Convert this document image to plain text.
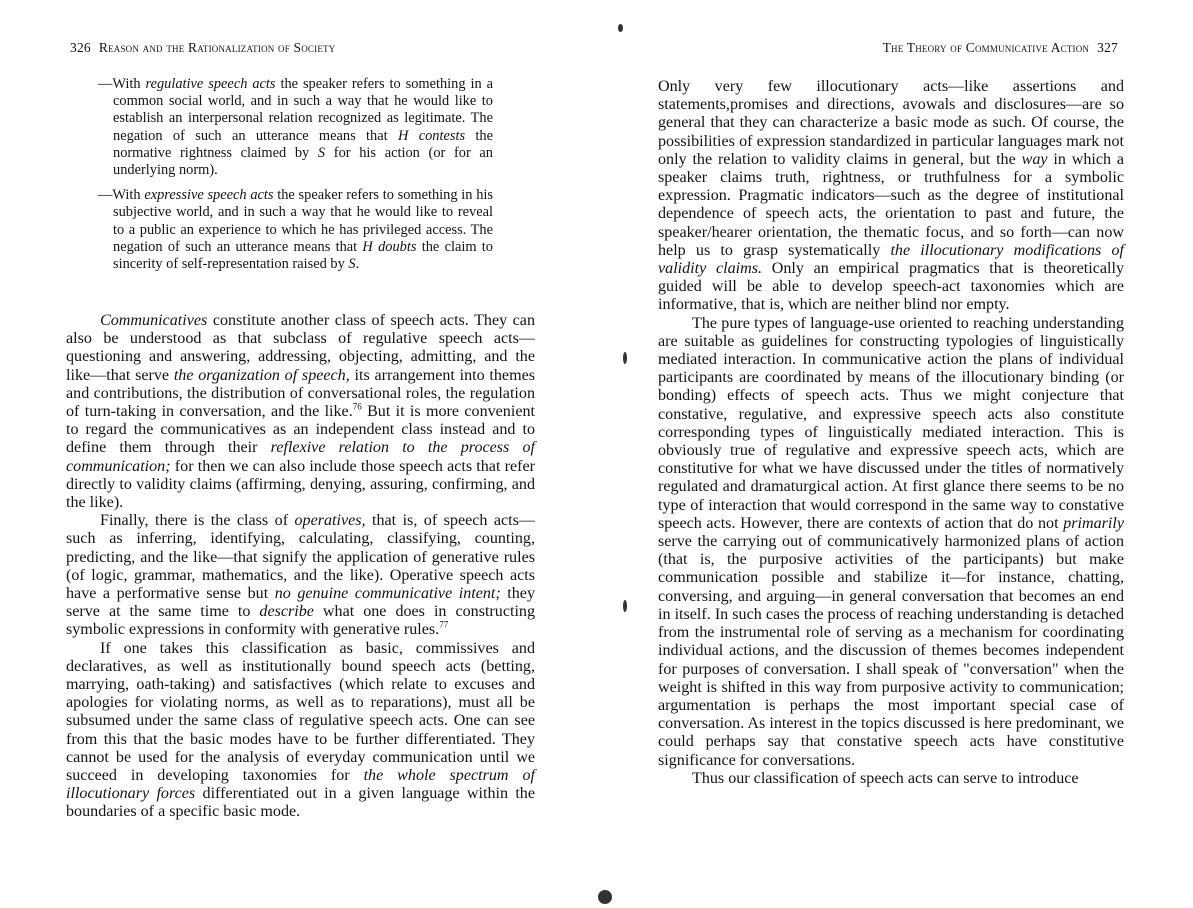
326 Reason and the Rationalization of Society
—With regulative speech acts the speaker refers to something in a common social world, and in such a way that he would like to establish an interpersonal relation recognized as legitimate. The negation of such an utterance means that H contests the normative rightness claimed by S for his action (or for an underlying norm).
—With expressive speech acts the speaker refers to something in his subjective world, and in such a way that he would like to reveal to a public an experience to which he has privileged access. The negation of such an utterance means that H doubts the claim to sincerity of self-representation raised by S.

Communicatives constitute another class of speech acts. They can also be understood as that subclass of regulative speech acts—questioning and answering, addressing, objecting, admitting, and the like—that serve the organization of speech, its arrangement into themes and contributions, the distribution of conversational roles, the regulation of turn-taking in conversation, and the like.$^{76}$ But it is more convenient to regard the communicatives as an independent class instead and to define them through their reflexive relation to the process of communication; for then we can also include those speech acts that refer directly to validity claims (affirming, denying, assuring, confirming, and the like).

Finally, there is the class of operatives, that is, of speech acts—such as inferring, identifying, calculating, classifying, counting, predicting, and the like—that signify the application of generative rules (of logic, grammar, mathematics, and the like). Operative speech acts have a performative sense but no genuine communicative intent; they serve at the same time to describe what one does in constructing symbolic expressions in conformity with generative rules.$^{77}$

If one takes this classification as basic, commissives and declaratives, as well as institutionally bound speech acts (betting, marrying, oath-taking) and satisfactives (which relate to excuses and apologies for violating norms, as well as to reparations), must all be subsumed under the same class of regulative speech acts. One can see from this that the basic modes have to be further differentiated. They cannot be used for the analysis of everyday communication until we succeed in developing taxonomies for the whole spectrum of illocutionary forces differentiated out in a given language within the boundaries of a specific basic mode.

The Theory of Communicative Action 327

Only very few illocutionary acts—like assertions and statements,promises and directions, avowals and disclosures—are so general that they can characterize a basic mode as such. Of course, the possibilities of expression standardized in particular languages mark not only the relation to validity claims in general, but the way in which a speaker claims truth, rightness, or truthfulness for a symbolic expression. Pragmatic indicators—such as the degree of institutional dependence of speech acts, the orientation to past and future, the speaker/hearer orientation, the thematic focus, and so forth—can now help us to grasp systematically the illocutionary modifications of validity claims. Only an empirical pragmatics that is theoretically guided will be able to develop speech-act taxonomies which are informative, that is, which are neither blind nor empty.

The pure types of language-use oriented to reaching understanding are suitable as guidelines for constructing typologies of linguistically mediated interaction. In communicative action the plans of individual participants are coordinated by means of the illocutionary binding (or bonding) effects of speech acts. Thus we might conjecture that constative, regulative, and expressive speech acts also constitute corresponding types of linguistically mediated interaction. This is obviously true of regulative and expressive speech acts, which are constitutive for what we have discussed under the titles of normatively regulated and dramaturgical action. At first glance there seems to be no type of interaction that would correspond in the same way to constative speech acts. However, there are contexts of action that do not primarily serve the carrying out of communicatively harmonized plans of action (that is, the purposive activities of the participants) but make communication possible and stabilize it—for instance, chatting, conversing, and arguing—in general conversation that becomes an end in itself. In such cases the process of reaching understanding is detached from the instrumental role of serving as a mechanism for coordinating individual actions, and the discussion of themes becomes independent for purposes of conversation. I shall speak of "conversation" when the weight is shifted in this way from purposive activity to communication; argumentation is perhaps the most important special case of conversation. As interest in the topics discussed is here predominant, we could perhaps say that constative speech acts have constitutive significance for conversations.

Thus our classification of speech acts can serve to introduce
